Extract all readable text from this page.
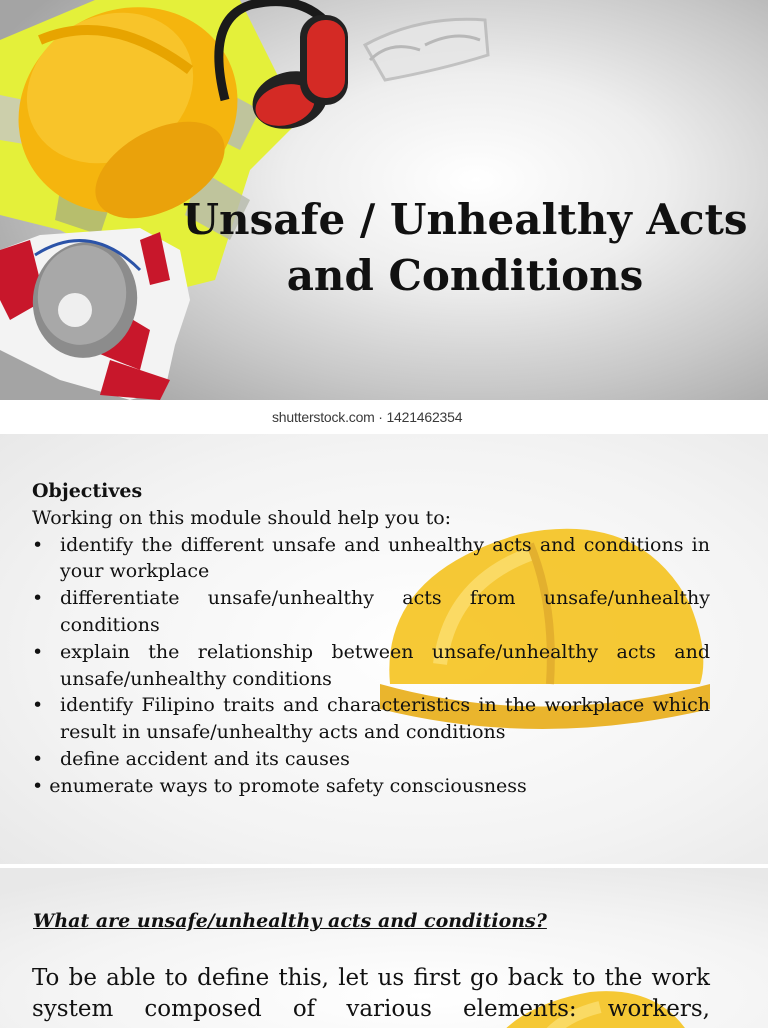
Unsafe / Unhealthy Acts
and Conditions
shutterstock.com · 1421462354
Objectives
Working on this module should help you to:
• identify the different unsafe and unhealthy acts and conditions in your workplace
• differentiate unsafe/unhealthy acts from unsafe/unhealthy conditions
• explain the relationship between unsafe/unhealthy acts and unsafe/unhealthy conditions
• identify Filipino traits and characteristics in the workplace which result in unsafe/unhealthy acts and conditions
• define accident and its causes
• enumerate ways to promote safety consciousness
What are unsafe/unhealthy acts and conditions?
To be able to define this, let us first go back to the work system composed of various elements: workers,
